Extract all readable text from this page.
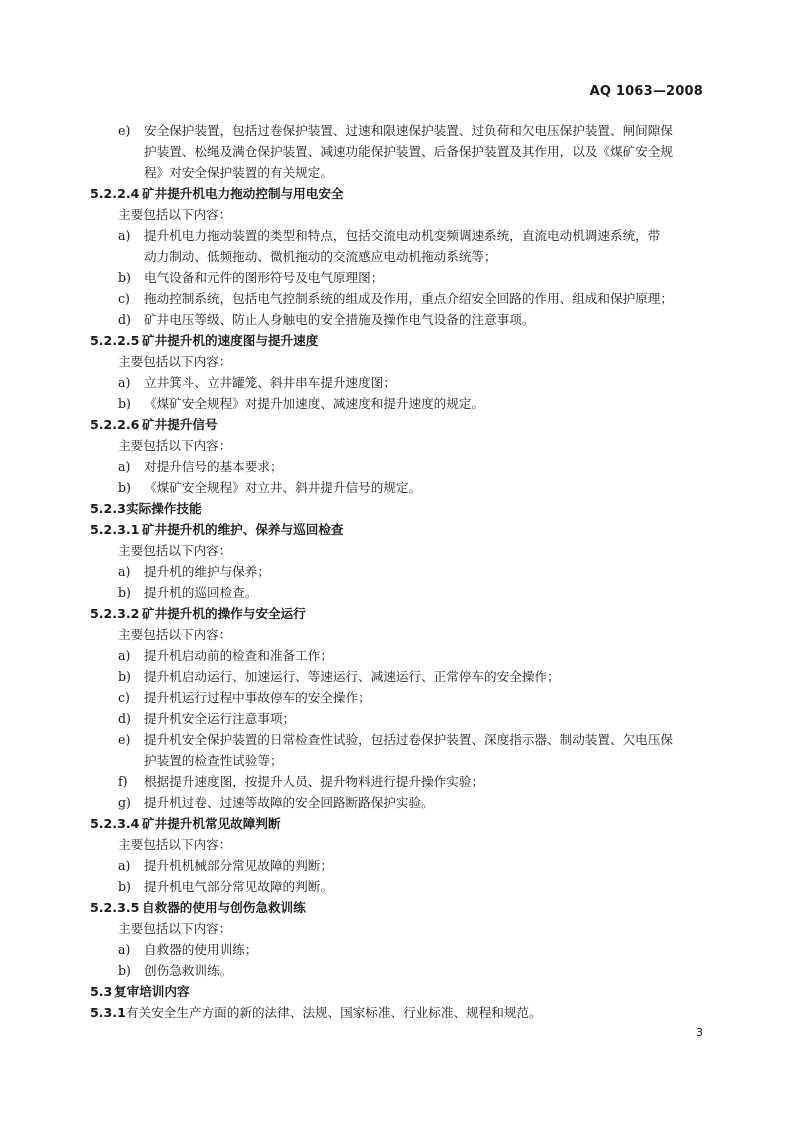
AQ 1063—2008
e)	安全保护装置，包括过卷保护装置、过速和限速保护装置、过负荷和欠电压保护装置、闸间隙保
护装置、松绳及满仓保护装置、减速功能保护装置、后备保护装置及其作用，以及《煤矿安全规
程》对安全保护装置的有关规定。
5.2.2.4 矿井提升机电力拖动控制与用电安全
主要包括以下内容：
a)	提升机电力拖动装置的类型和特点，包括交流电动机变频调速系统，直流电动机调速系统，带
动力制动、低频拖动、微机拖动的交流感应电动机拖动系统等；
b)	电气设备和元件的图形符号及电气原理图；
c)	拖动控制系统，包括电气控制系统的组成及作用，重点介绍安全回路的作用、组成和保护原理；
d)	矿井电压等级、防止人身触电的安全措施及操作电气设备的注意事项。
5.2.2.5 矿井提升机的速度图与提升速度
主要包括以下内容：
a)	立井箕斗、立井罐笼、斜井串车提升速度图；
b)	《煤矿安全规程》对提升加速度、减速度和提升速度的规定。
5.2.2.6 矿井提升信号
主要包括以下内容：
a)	对提升信号的基本要求；
b)	《煤矿安全规程》对立井、斜井提升信号的规定。
5.2.3实际操作技能
5.2.3.1 矿井提升机的维护、保养与巡回检查
主要包括以下内容：
a)	提升机的维护与保养；
b)	提升机的巡回检查。
5.2.3.2 矿井提升机的操作与安全运行
主要包括以下内容：
a)	提升机启动前的检查和准备工作；
b)	提升机启动运行、加速运行、等速运行、减速运行、正常停车的安全操作；
c)	提升机运行过程中事故停车的安全操作；
d)	提升机安全运行注意事项；
e)	提升机安全保护装置的日常检查性试验，包括过卷保护装置、深度指示器、制动装置、欠电压保
护装置的检查性试验等；
f)	根据提升速度图，按提升人员、提升物料进行提升操作实验；
g)	提升机过卷、过速等故障的安全回路断路保护实验。
5.2.3.4 矿井提升机常见故障判断
主要包括以下内容：
a)	提升机机械部分常见故障的判断；
b)	提升机电气部分常见故障的判断。
5.2.3.5 自救器的使用与创伤急救训练
主要包括以下内容：
a)	自救器的使用训练；
b)	创伤急救训练。
5.3 复审培训内容
5.3.1有关安全生产方面的新的法律、法规、国家标准、行业标准、规程和规范。
3
